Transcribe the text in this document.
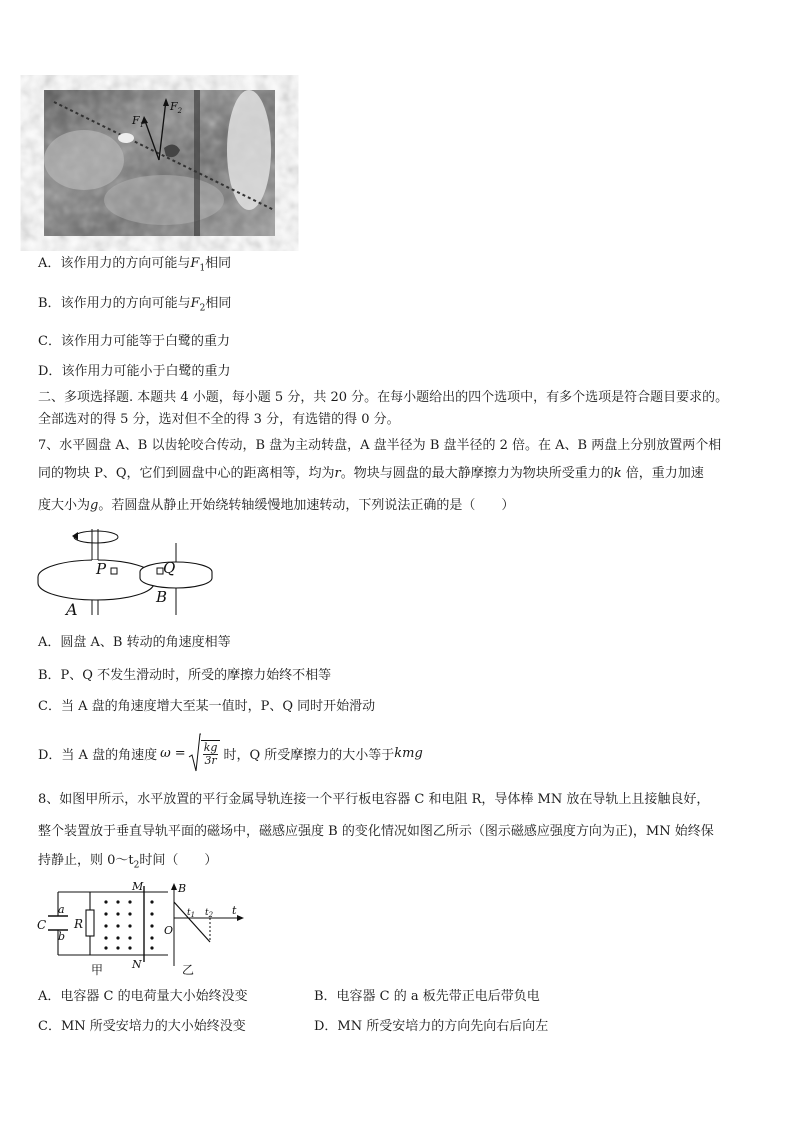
$F_1$
$F_2$
A．该作用力的方向可能与$F_1$相同
B．该作用力的方向可能与$F_2$相同
C．该作用力可能等于白鹭的重力
D．该作用力可能小于白鹭的重力
二、多项选择题. 本题共 4 小题，每小题 5 分，共 20 分。在每小题给出的四个选项中，有多个选项是符合题目要求的。
全部选对的得 5 分，选对但不全的得 3 分，有选错的得 0 分。
7、水平圆盘 A、B 以齿轮咬合传动，B 盘为主动转盘，A 盘半径为 B 盘半径的 2 倍。在 A、B 两盘上分别放置两个相
同的物块 P、Q，它们到圆盘中心的距离相等，均为r。物块与圆盘的最大静摩擦力为物块所受重力的k 倍，重力加速
度大小为g。若圆盘从静止开始绕转轴缓慢地加速转动，下列说法正确的是（　　）
P	Q
A
B
A．圆盘 A、B 转动的角速度相等
B．P、Q 不发生滑动时，所受的摩擦力始终不相等
C．当 A 盘的角速度增大至某一值时，P、Q 同时开始滑动
D．当 A 盘的角速度 $\omega = \frac{kg}{3r}$ 时，Q 所受摩擦力的大小等于 kmg
8、如图甲所示，水平放置的平行金属导轨连接一个平行板电容器 C 和电阻 R，导体棒 MN 放在导轨上且接触良好，
整个装置放于垂直导轨平面的磁场中，磁感应强度 B 的变化情况如图乙所示（图示磁感应强度方向为正)，MN 始终保
持静止，则 $0\sim t_2$时间（　　）
a
b
C R
M
N
甲
B
O
t
$t_1$ $t_2$
乙
A．电容器 C 的电荷量大小始终没变	B．电容器 C 的 a 板先带正电后带负电
C．MN 所受安培力的大小始终没变	D．MN 所受安培力的方向先向右后向左
